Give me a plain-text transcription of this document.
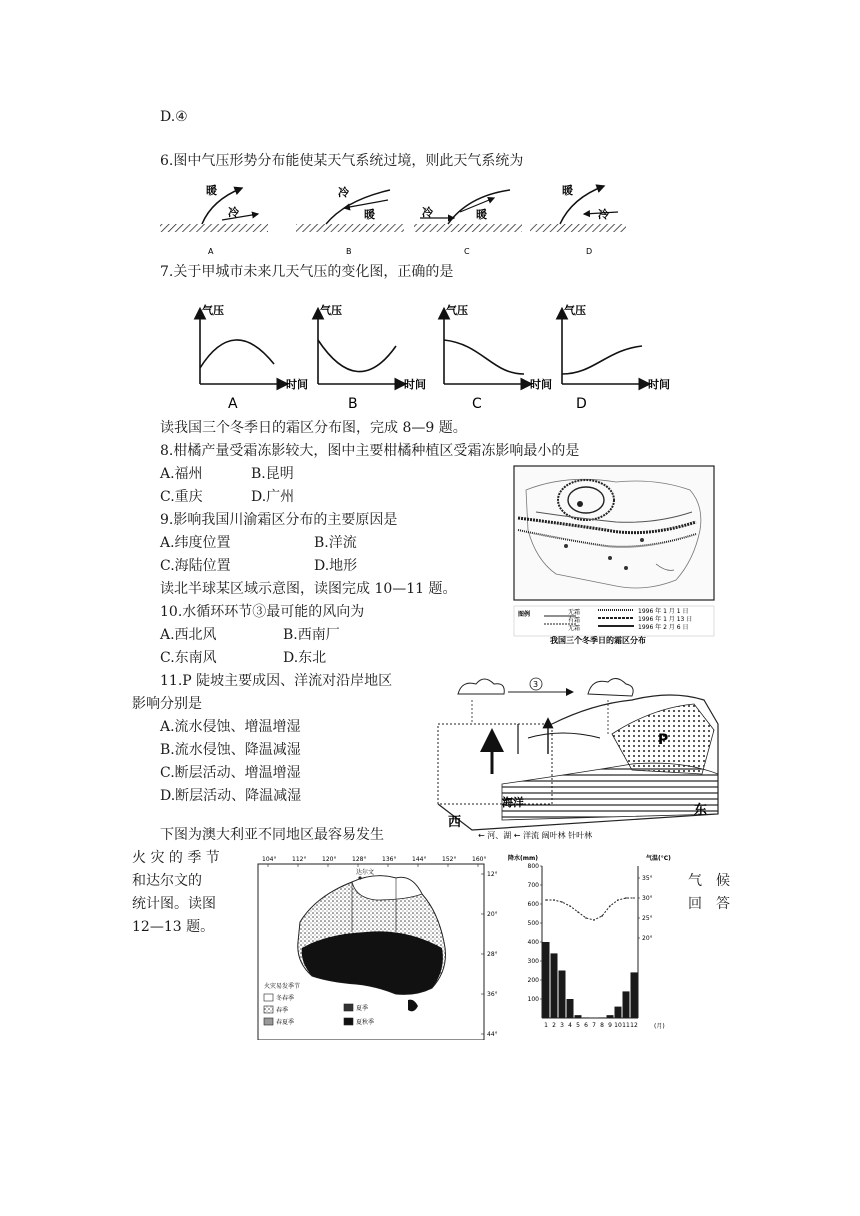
D.④
6.图中气压形势分布能使某天气系统过境，则此天气系统为
暖
冷
A
冷
暖
B
冷	暖
C
暖
冷
D
7.关于甲城市未来几天气压的变化图，正确的是
气压
时间
A
气压
时间
B
气压
时间
C
气压
时间
D
读我国三个冬季日的霜区分布图，完成 8—9 题。
8.柑橘产量受霜冻影较大，图中主要柑橘种植区受霜冻影响最小的是
A.福州	B.昆明
C.重庆	D.广州
9.影响我国川渝霜区分布的主要原因是
A.纬度位置	B.洋流
C.海陆位置	D.地形
读北半球某区域示意图，读图完成 10—11 题。
10.水循环环节③最可能的风向为
A.西北风	B.西南厂
C.东南风	D.东北
11.P 陡坡主要成因、洋流对沿岸地区
影响分别是
A.流水侵蚀、增温增湿
B.流水侵蚀、降温减湿
C.断层活动、增温增湿
D.断层活动、降温减湿
图例	无霜
有霜
无霜
1996 年 1 月 1 日
1996 年 1 月 13 日
1996 年 2 月 6 日
我国三个冬季日的霜区分布
3
海洋
西
东
P
← 河、湖 ← 洋流 阔叶林 针叶林
下图为澳大利亚不同地区最容易发生
火 灾 的 季 节
和达尔文的
统计图。读图
12—13 题。
气　候
回　答
104°	112°	120°	128°	136°	144°	152°	160°
12°
20°
28°
36°
44°
达尔文
火灾易发季节
冬春季
春季
春夏季
夏季
夏秋季
降水(mm)	气温(°C)
(月)
100
200
300
400
500
600
700
800
35°
30°
25°
20°
1 2 3 4 5 6 7 8 9 10 11 12
